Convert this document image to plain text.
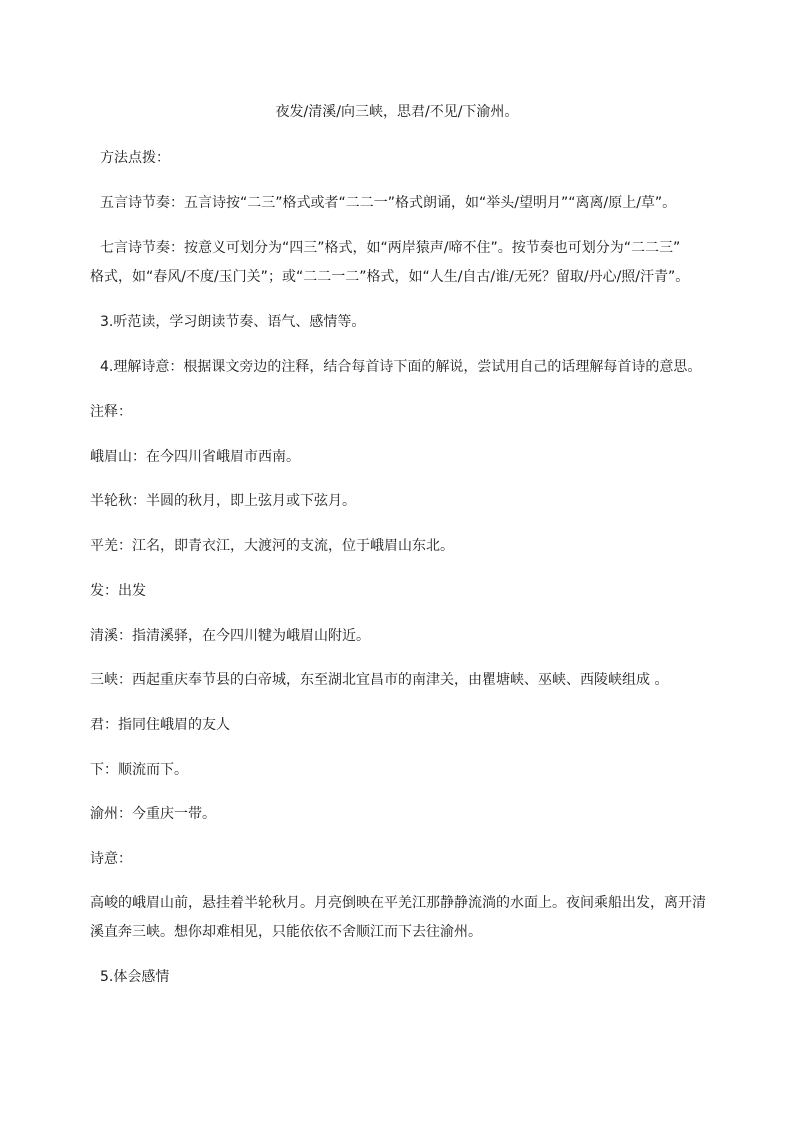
夜发/清溪/向三峡，思君/不见/下渝州。
方法点拨：
五言诗节奏：五言诗按“二三”格式或者“二二一”格式朗诵，如“举头/望明月”“离离/原上/草”。
七言诗节奏：按意义可划分为“四三”格式，如“两岸猿声/啼不住”。按节奏也可划分为“二二三”
格式，如“春风/不度/玉门关”；或“二二一二”格式，如“人生/自古/谁/无死？留取/丹心/照/汗青”。
3.听范读，学习朗读节奏、语气、感情等。
4.理解诗意：根据课文旁边的注释，结合每首诗下面的解说，尝试用自己的话理解每首诗的意思。
注释：
峨眉山：在今四川省峨眉市西南。
半轮秋：半圆的秋月，即上弦月或下弦月。
平羌：江名，即青衣江，大渡河的支流，位于峨眉山东北。
发：出发
清溪：指清溪驿，在今四川犍为峨眉山附近。
三峡：西起重庆奉节县的白帝城，东至湖北宜昌市的南津关，由瞿塘峡、巫峡、西陵峡组成 。
君：指同住峨眉的友人
下：顺流而下。
渝州：今重庆一带。
诗意：
高峻的峨眉山前，悬挂着半轮秋月。月亮倒映在平羌江那静静流淌的水面上。夜间乘船出发，离开清
溪直奔三峡。想你却难相见，只能依依不舍顺江而下去往渝州。
5.体会感情
